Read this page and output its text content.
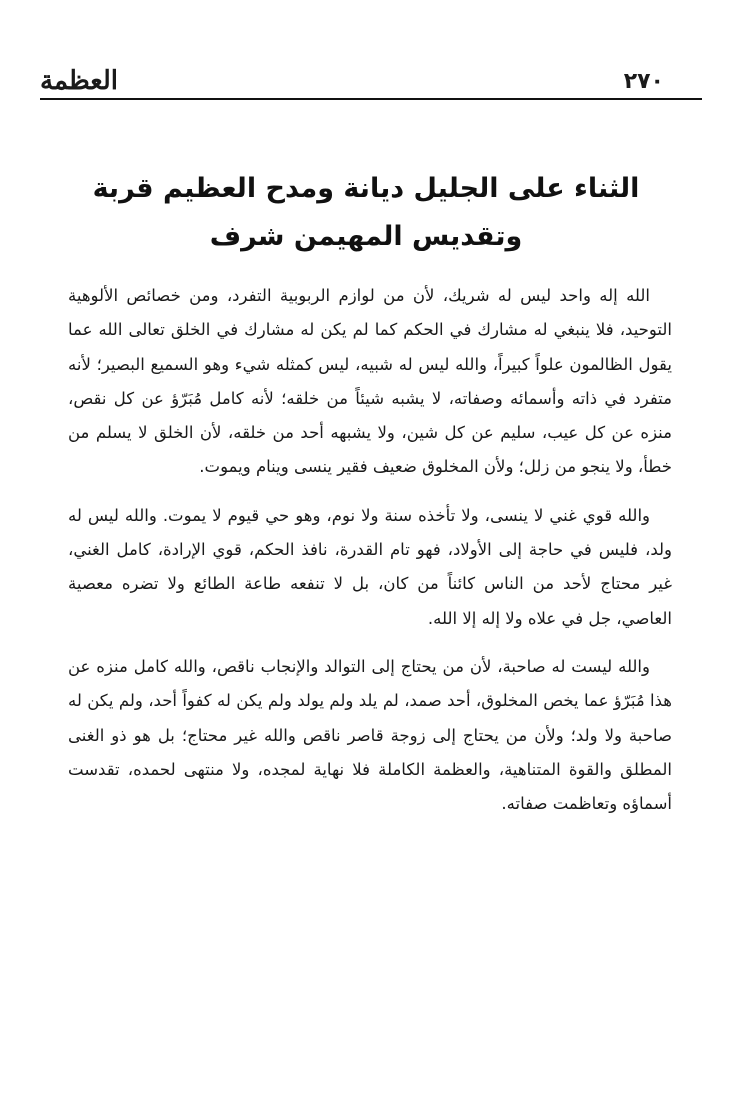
العظمة	٢٧٠
الثناء على الجليل ديانة ومدح العظيم قربة
وتقديس المهيمن شرف

الله إله واحد ليس له شريك، لأن من لوازم الربوبية التفرد، ومن خصائص الألوهية التوحيد، فلا ينبغي له مشارك في الحكم كما لم يكن له مشارك في الخلق تعالى الله عما يقول الظالمون علواً كبيراً، والله ليس له شبيه، ليس كمثله شيء وهو السميع البصير؛ لأنه متفرد في ذاته وأسمائه وصفاته، لا يشبه شيئاً من خلقه؛ لأنه كامل مُبَرّؤ عن كل نقص، منزه عن كل عيب، سليم عن كل شين، ولا يشبهه أحد من خلقه، لأن الخلق لا يسلم من خطأ، ولا ينجو من زلل؛ ولأن المخلوق ضعيف فقير ينسى وينام ويموت.

والله قوي غني لا ينسى، ولا تأخذه سنة ولا نوم، وهو حي قيوم لا يموت. والله ليس له ولد، فليس في حاجة إلى الأولاد، فهو تام القدرة، نافذ الحكم، قوي الإرادة، كامل الغني، غير محتاج لأحد من الناس كائناً من كان، بل لا تنفعه طاعة الطائع ولا تضره معصية العاصي، جل في علاه ولا إله إلا الله.

والله ليست له صاحبة، لأن من يحتاج إلى التوالد والإنجاب ناقص، والله كامل منزه عن هذا مُبَرّؤ عما يخص المخلوق، أحد صمد، لم يلد ولم يولد ولم يكن له كفواً أحد، ولم يكن له صاحبة ولا ولد؛ ولأن من يحتاج إلى زوجة قاصر ناقص والله غير محتاج؛ بل هو ذو الغنى المطلق والقوة المتناهية، والعظمة الكاملة فلا نهاية لمجده، ولا منتهى لحمده، تقدست أسماؤه وتعاظمت صفاته.
